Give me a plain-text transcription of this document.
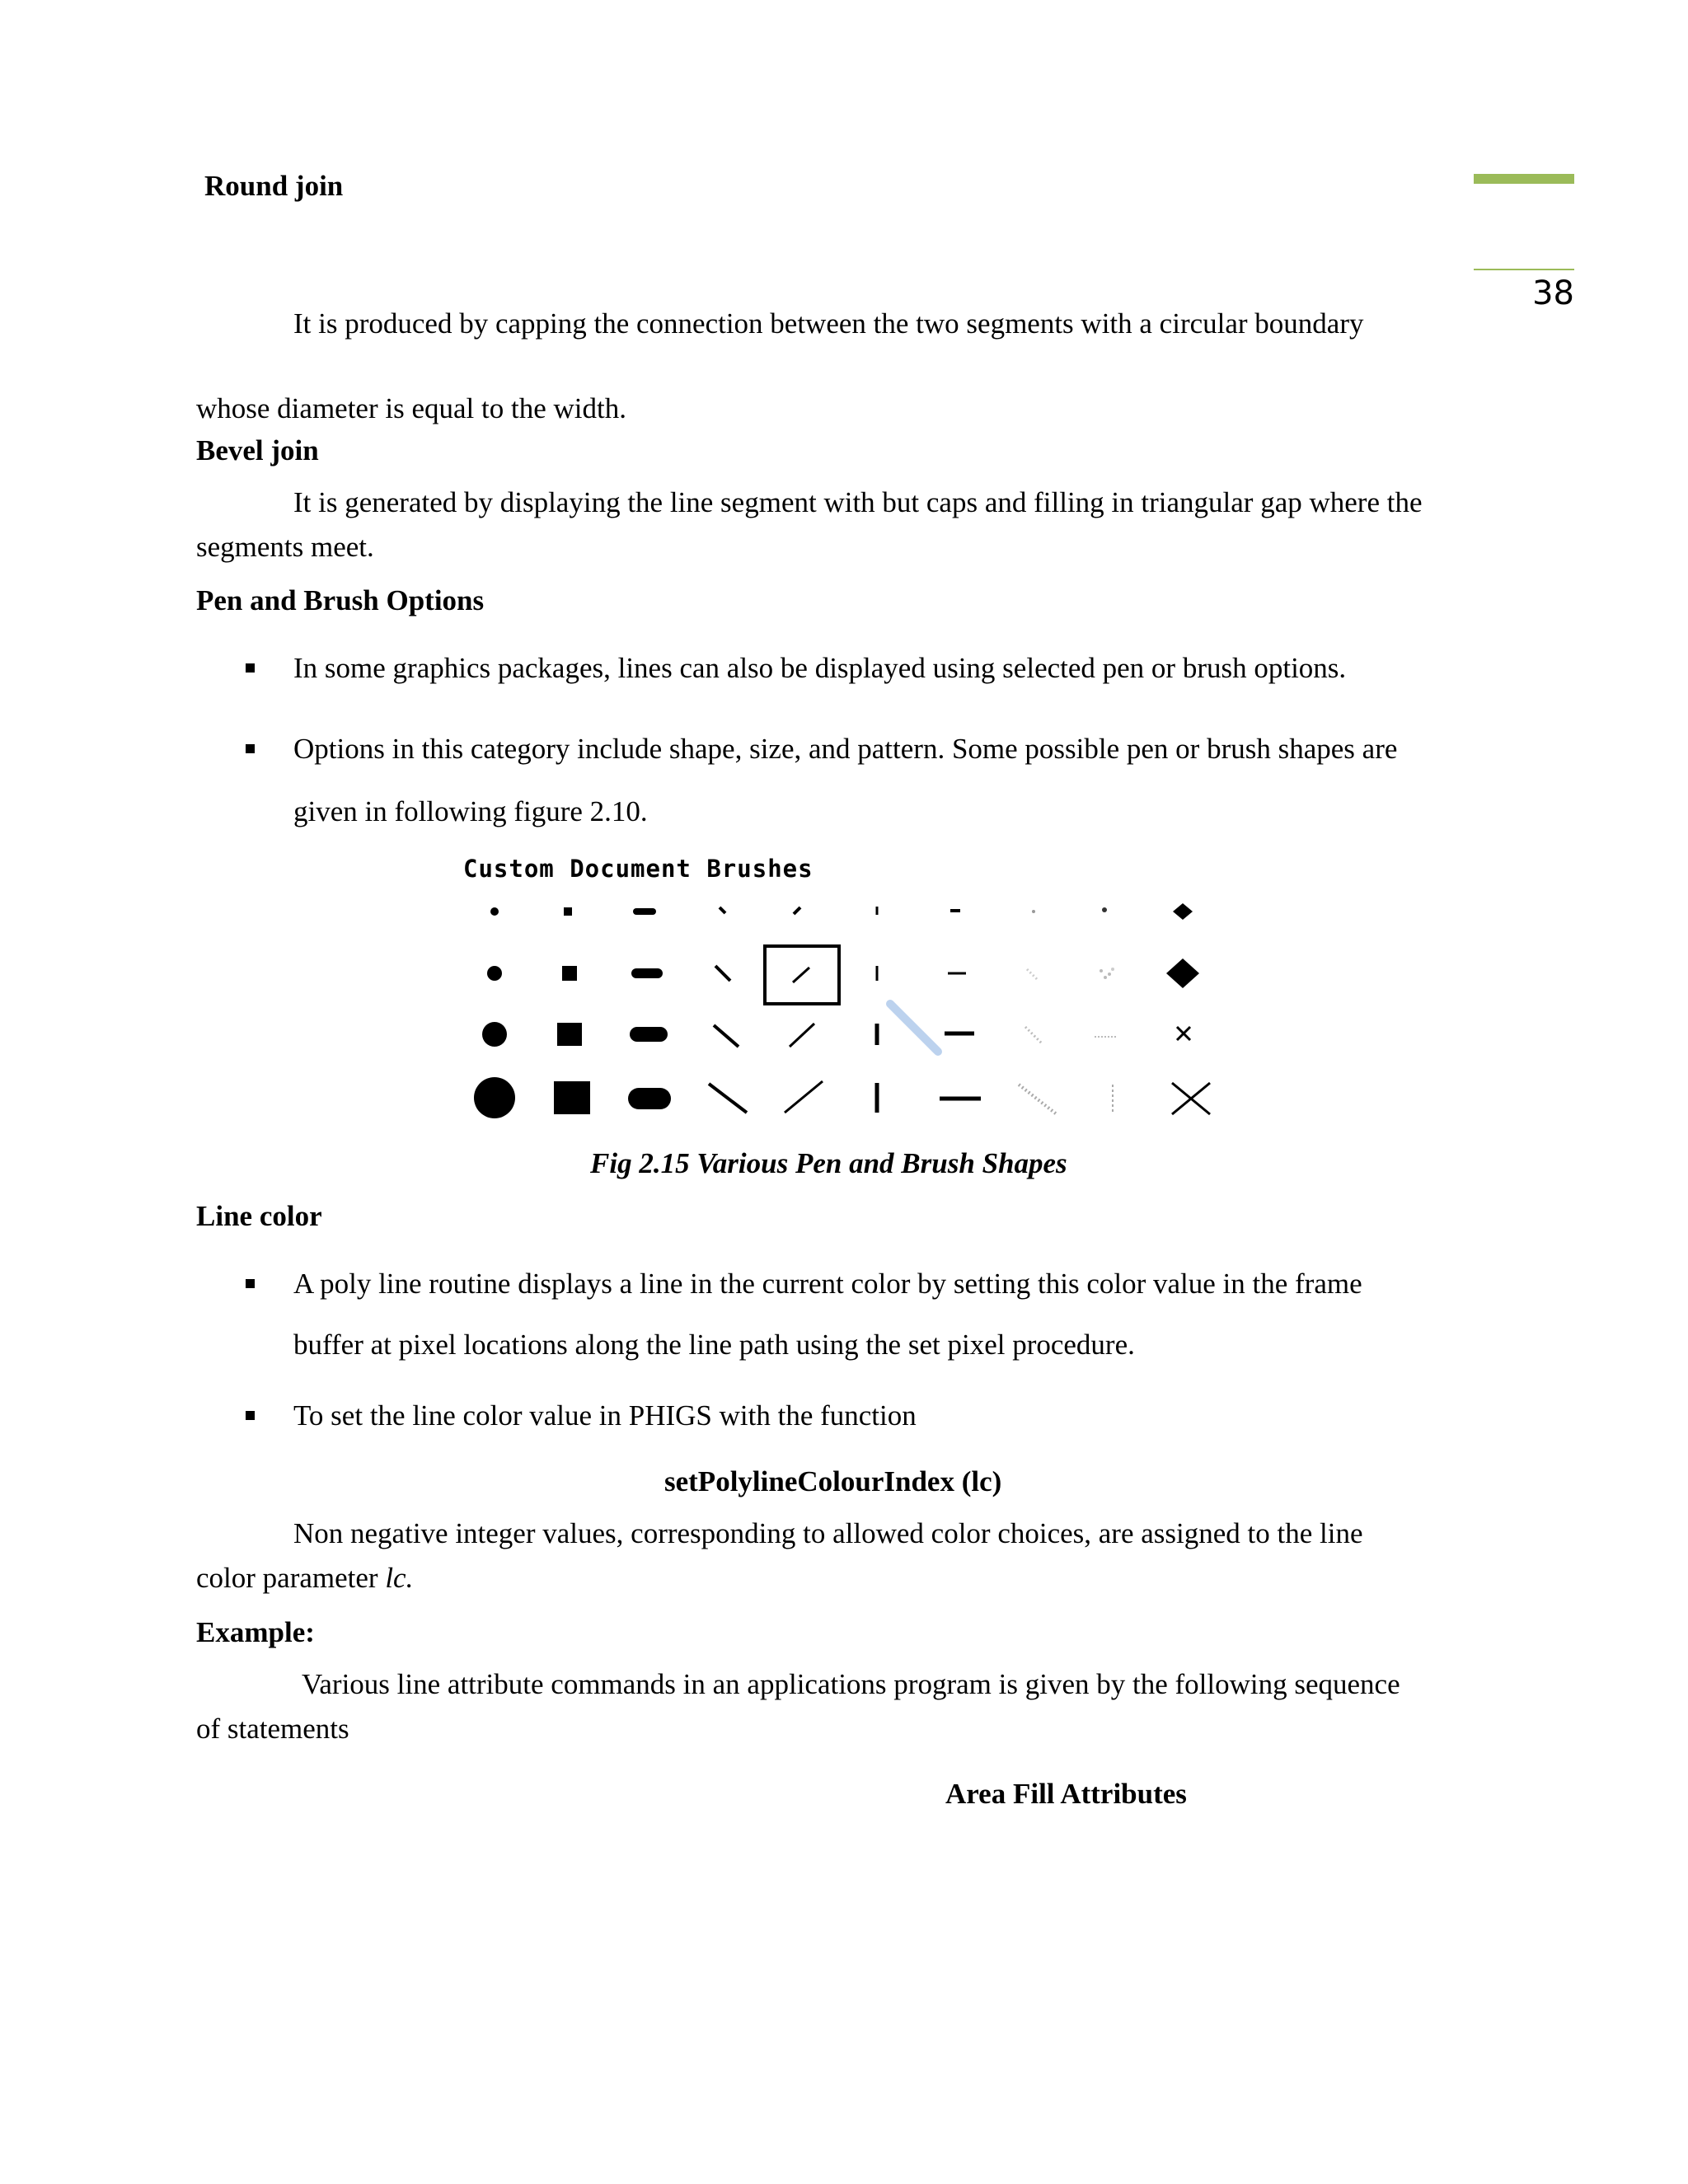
38
Round join
It is produced by capping the connection between the two segments with a circular boundary
whose diameter is equal to the width.
Bevel join
It is generated by displaying the line segment with but caps and filling in triangular gap where the
segments meet.
Pen and Brush Options
In some graphics packages, lines can also be displayed using selected pen or brush options.
Options in this category include shape, size, and pattern. Some possible pen or brush shapes are
given in following figure 2.10.
Custom Document Brushes
Fig 2.15 Various Pen and Brush Shapes
Line color
A poly line routine displays a line in the current color by setting this color value in the frame
buffer at pixel locations along the line path using the set pixel procedure.
To set the line color value in PHIGS with the function
setPolylineColourIndex (lc)
Non negative integer values, corresponding to allowed color choices, are assigned to the line
color parameter lc.
Example:
Various line attribute commands in an applications program is given by the following sequence
of statements
Area Fill Attributes
